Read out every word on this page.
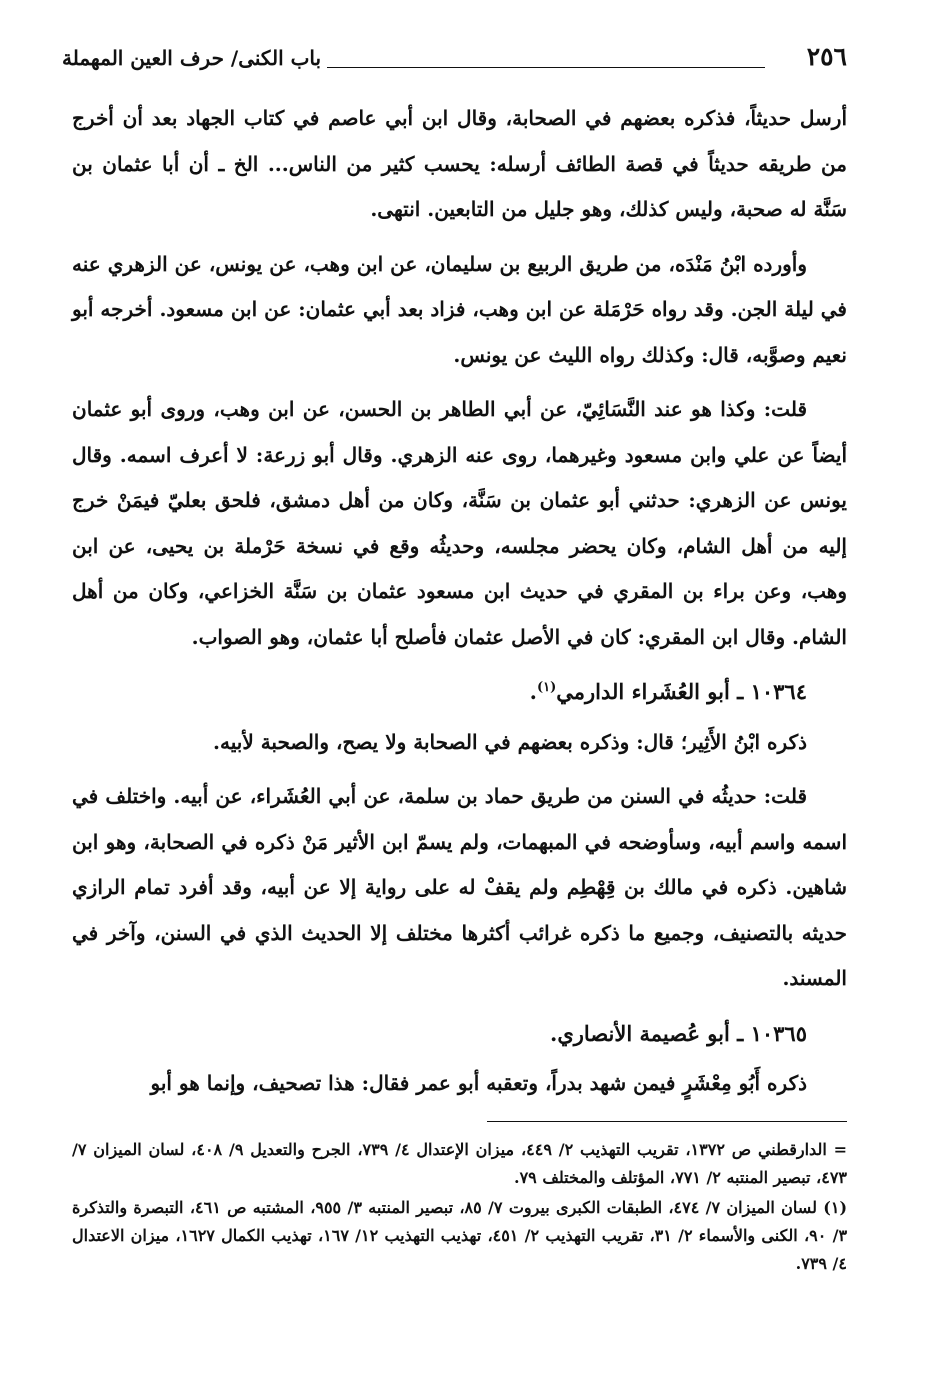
٢٥٦
باب الكنى/ حرف العين المهملة

أرسل حديثاً، فذكره بعضهم في الصحابة، وقال ابن أبي عاصم في كتاب الجهاد بعد أن أخرج من طريقه حديثاً في قصة الطائف أرسله: يحسب كثير من الناس... الخ ـ أن أبا عثمان بن سَنَّة له صحبة، وليس كذلك، وهو جليل من التابعين. انتهى.

وأورده ابْنُ مَنْدَه، من طريق الربيع بن سليمان، عن ابن وهب، عن يونس، عن الزهري عنه في ليلة الجن. وقد رواه حَرْمَلة عن ابن وهب، فزاد بعد أبي عثمان: عن ابن مسعود. أخرجه أبو نعيم وصوَّبه، قال: وكذلك رواه الليث عن يونس.

قلت: وكذا هو عند النَّسَائِيّ، عن أبي الطاهر بن الحسن، عن ابن وهب، وروى أبو عثمان أيضاً عن علي وابن مسعود وغيرهما، روى عنه الزهري. وقال أبو زرعة: لا أعرف اسمه. وقال يونس عن الزهري: حدثني أبو عثمان بن سَنَّة، وكان من أهل دمشق، فلحق بعليّ فيمَنْ خرج إليه من أهل الشام، وكان يحضر مجلسه، وحديثُه وقع في نسخة حَرْملة بن يحيى، عن ابن وهب، وعن براء بن المقري في حديث ابن مسعود عثمان بن سَنَّة الخزاعي، وكان من أهل الشام. وقال ابن المقري: كان في الأصل عثمان فأصلح أبا عثمان، وهو الصواب.

١٠٣٦٤ ـ أبو العُشَراء الدارمي$^{(١)}$.

ذكره ابْنُ الأَثِير؛ قال: وذكره بعضهم في الصحابة ولا يصح، والصحبة لأبيه.

قلت: حديثُه في السنن من طريق حماد بن سلمة، عن أبي العُشَراء، عن أبيه. واختلف في اسمه واسم أبيه، وسأوضحه في المبهمات، ولم يسمّ ابن الأثير مَنْ ذكره في الصحابة، وهو ابن شاهين. ذكره في مالك بن قِهْطِم ولم يقفْ له على رواية إلا عن أبيه، وقد أفرد تمام الرازي حديثه بالتصنيف، وجميع ما ذكره غرائب أكثرها مختلف إلا الحديث الذي في السنن، وآخر في المسند.

١٠٣٦٥ ـ أبو عُصيمة الأنصاري.

ذكره أَبُو مِعْشَرٍ فيمن شهد بدراً، وتعقبه أبو عمر فقال: هذا تصحيف، وإنما هو أبو

= الدارقطني ص ١٣٧٢، تقريب التهذيب ٢/ ٤٤٩، ميزان الإعتدال ٤/ ٧٣٩، الجرح والتعديل ٩/ ٤٠٨، لسان الميزان ٧/ ٤٧٣، تبصير المنتبه ٢/ ٧٧١، المؤتلف والمختلف ٧٩.

(١) لسان الميزان ٧/ ٤٧٤، الطبقات الكبرى بيروت ٧/ ٨٥، تبصير المنتبه ٣/ ٩٥٥، المشتبه ص ٤٦١، التبصرة والتذكرة ٣/ ٩٠، الكنى والأسماء ٢/ ٣١، تقريب التهذيب ٢/ ٤٥١، تهذيب التهذيب ١٢/ ١٦٧، تهذيب الكمال ١٦٢٧، ميزان الاعتدال ٤/ ٧٣٩.
